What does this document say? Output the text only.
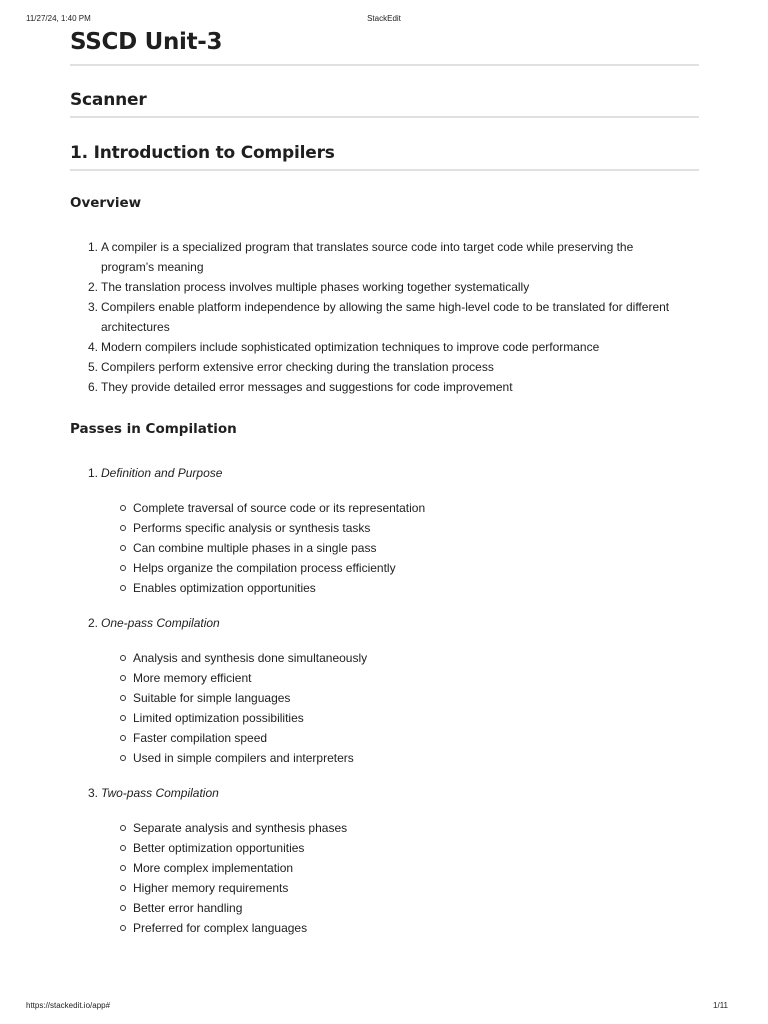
11/27/24, 1:40 PM	StackEdit
SSCD Unit-3
Scanner
1. Introduction to Compilers
Overview
1. A compiler is a specialized program that translates source code into target code while preserving the
program’s meaning
2. The translation process involves multiple phases working together systematically
3. Compilers enable platform independence by allowing the same high-level code to be translated for different
architectures
4. Modern compilers include sophisticated optimization techniques to improve code performance
5. Compilers perform extensive error checking during the translation process
6. They provide detailed error messages and suggestions for code improvement
Passes in Compilation
1. Definition and Purpose
Complete traversal of source code or its representation
Performs specific analysis or synthesis tasks
Can combine multiple phases in a single pass
Helps organize the compilation process efficiently
Enables optimization opportunities
2. One-pass Compilation
Analysis and synthesis done simultaneously
More memory efficient
Suitable for simple languages
Limited optimization possibilities
Faster compilation speed
Used in simple compilers and interpreters
3. Two-pass Compilation
Separate analysis and synthesis phases
Better optimization opportunities
More complex implementation
Higher memory requirements
Better error handling
Preferred for complex languages
https://stackedit.io/app#	1/11
